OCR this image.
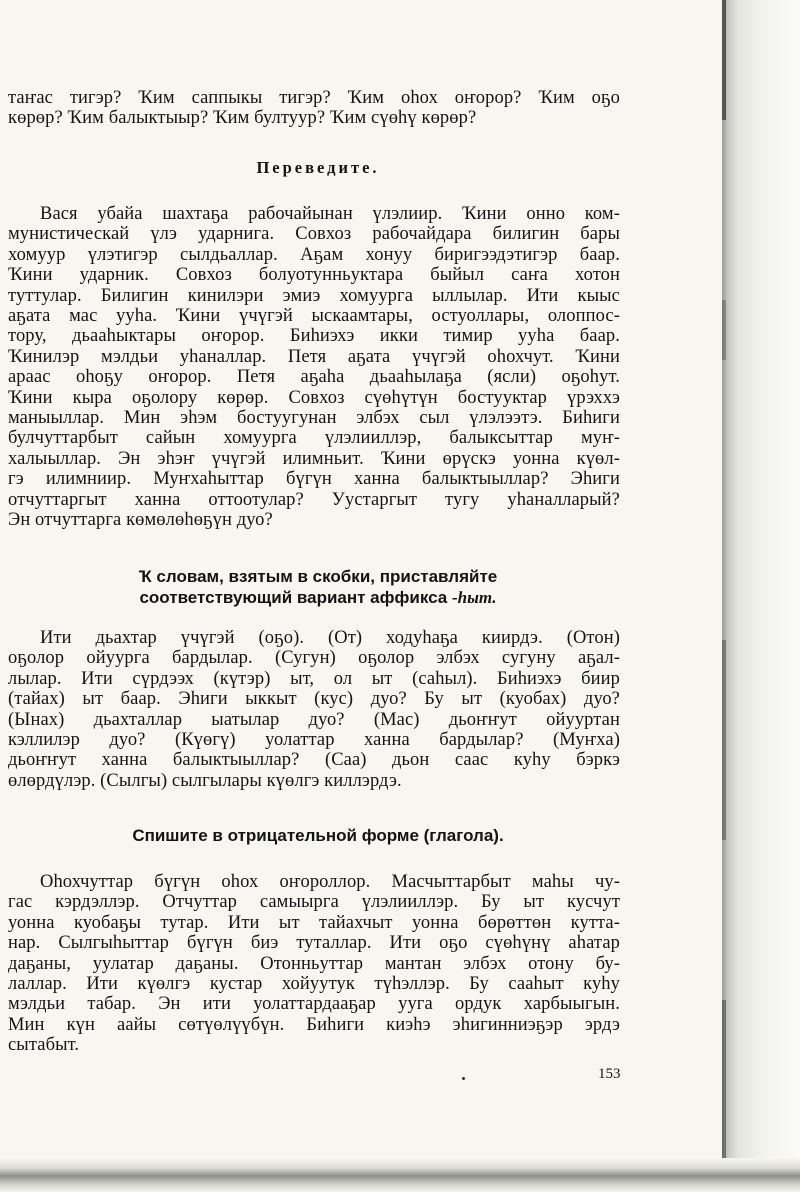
таҥас тигэр? Ҡим саппыкы тигэр? Ҡим оһох оҥорор? Ҡим оҕо
көрөр? Ҡим балыктыыр? Ҡим бултуур? Ҡим сүөһү көрөр?
Переведите.
Вася убайа шахтаҕа рабочайынан үлэлиир. Ҡини онно ком-
мунистическай үлэ ударнига. Совхоз рабочайдара билигин бары
хомуур үлэтигэр сылдьаллар. Аҕам хонуу биригээдэтигэр баар.
Ҡини ударник. Совхоз болуотунньуктара быйыл саҥа хотон
туттулар. Билигин кинилэри эмиэ хомуурга ыллылар. Ити кыыс
аҕата мас ууһа. Ҡини үчүгэй ыскаамтары, остуоллары, олоппос-
тору, дьааһыктары оҥорор. Биһиэхэ икки тимир ууһа баар.
Ҡинилэр мэлдьи уһаналлар. Петя аҕата үчүгэй оһохчут. Ҡини
араас оһоҕу оҥорор. Петя аҕаһа дьааһылаҕа (ясли) оҕоһут.
Ҡини кыра оҕолору көрөр. Совхоз сүөһүтүн бостууктар үрэххэ
маныыллар. Мин эһэм бостуугунан элбэх сыл үлэлээтэ. Биһиги
булчуттарбыт сайын хомуурга үлэлииллэр, балыксыттар муҥ-
халыыллар. Эн эһэҥ үчүгэй илимньит. Ҡини өрүскэ уонна күөл-
гэ илимниир. Муҥхаһыттар бүгүн ханна балыктыыллар? Эһиги
отчуттаргыт ханна оттоотулар? Уустаргыт тугу уһаналларый?
Эн отчуттарга көмөлөһөҕүн дуо?
Ҡ словам, взятым в скобки, приставляйте
соответствующий вариант аффикса -һыт.
Ити дьахтар үчүгэй (оҕо). (От) ходуһаҕа киирдэ. (Отон)
оҕолор ойуурга бардылар. (Сугун) оҕолор элбэх сугуну аҕал-
лылар. Ити сүрдээх (күтэр) ыт, ол ыт (саһыл). Биһиэхэ биир
(тайах) ыт баар. Эһиги ыккыт (кус) дуо? Бу ыт (куобах) дуо?
(Ынах) дьахталлар ыатылар дуо? (Мас) дьоҥҥут ойууртан
кэллилэр дуо? (Күөгү) уолаттар ханна бардылар? (Муҥха)
дьоҥҥут ханна балыктыыллар? (Саа) дьон саас куһу бэркэ
өлөрдүлэр. (Сылгы) сылгылары күөлгэ киллэрдэ.
Спишите в отрицательной форме (глагола).
Оһохчуттар бүгүн оһох оҥороллор. Масчыттарбыт маһы чу-
гас кэрдэллэр. Отчуттар самыырга үлэлииллэр. Бу ыт кусчут
уонна куобаҕы тутар. Ити ыт тайахчыт уонна бөрөттөн кутта-
нар. Сылгыһыттар бүгүн биэ туталлар. Ити оҕо сүөһүнү аһатар
даҕаны, уулатар даҕаны. Отонньуттар мантан элбэх отону бу-
лаллар. Ити күөлгэ кустар хойуутук түһэллэр. Бу сааһыт куһу
мэлдьи табар. Эн ити уолаттардааҕар ууга ордук харбыыгын.
Мин күн аайы сөтүөлүүбүн. Биһиги киэһэ эһигинниэҕэр эрдэ
сытабыт.
153
